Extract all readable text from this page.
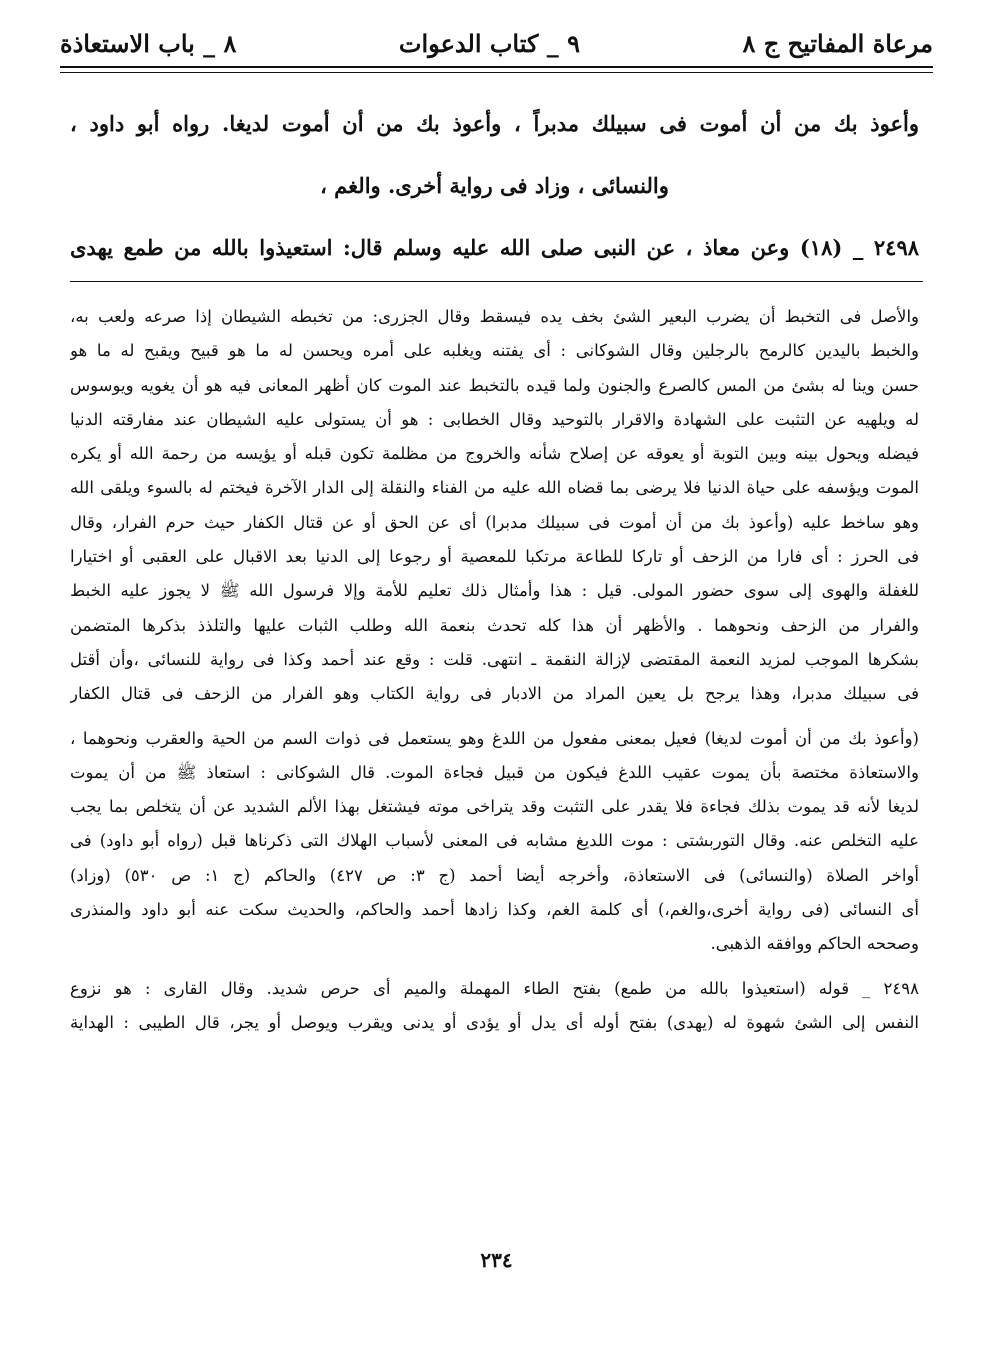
مرعاة المفاتيح ج ٨
٩ _ كتاب الدعوات
٨ _ باب الاستعاذة
وأعوذ بك من أن أموت فى سبيلك مدبراً ، وأعوذ بك من أن أموت لديغا. رواه أبو داود ،
والنسائى ، وزاد فى رواية أخرى. والغم ،
٢٤٩٨ _ (١٨) وعن معاذ ، عن النبى صلى الله عليه وسلم قال: استعيذوا بالله من طمع يهدى
والأصل فى التخبط أن يضرب البعير الشئ بخف يده فيسقط وقال الجزرى: من تخبطه الشيطان إذا صرعه ولعب به،
والخبط باليدين كالرمح بالرجلين وقال الشوكانى : أى يفتنه ويغلبه على أمره ويحسن له ما هو قبيح ويقبح له ما هو
حسن وينا له بشئ من المس كالصرع والجنون ولما قيده بالتخبط عند الموت كان أظهر المعانى فيه هو أن يغويه ويوسوس
له ويلهيه عن التثبت على الشهادة والاقرار بالتوحيد وقال الخطابى : هو أن يستولى عليه الشيطان عند مفارقته الدنيا
فيضله ويحول بينه وبين التوبة أو يعوقه عن إصلاح شأنه والخروج من مظلمة تكون قبله أو يؤيسه من رحمة الله أو يكره
الموت ويؤسفه على حياة الدنيا فلا يرضى بما قضاه الله عليه من الفناء والنقلة إلى الدار الآخرة فيختم له بالسوء ويلقى الله
وهو ساخط عليه (وأعوذ بك من أن أموت فى سبيلك مدبرا) أى عن الحق أو عن قتال الكفار حيث حرم الفرار، وقال
فى الحرز : أى فارا من الزحف أو تاركا للطاعة مرتكبا للمعصية أو رجوعا إلى الدنيا بعد الاقبال على العقبى أو اختيارا
للغفلة والهوى إلى سوى حضور المولى. قيل : هذا وأمثال ذلك تعليم للأمة وإلا فرسول الله ﷺ لا يجوز عليه الخبط
والفرار من الزحف ونحوهما . والأظهر أن هذا كله تحدث بنعمة الله وطلب الثبات عليها والتلذذ بذكرها المتضمن
بشكرها الموجب لمزيد النعمة المقتضى لإزالة النقمة ـ انتهى. قلت : وقع عند أحمد وكذا فى رواية للنسائى ،وأن أقتل
فى سبيلك مدبرا، وهذا يرجح بل يعين المراد من الادبار فى رواية الكتاب وهو الفرار من الزحف فى قتال الكفار
(وأعوذ بك من أن أموت لديغا) فعيل بمعنى مفعول من اللدغ وهو يستعمل فى ذوات السم من الحية والعقرب ونحوهما ،
والاستعاذة مختصة بأن يموت عقيب اللدغ فيكون من قبيل فجاءة الموت. قال الشوكانى : استعاذ ﷺ من أن يموت
لديغا لأنه قد يموت بذلك فجاءة فلا يقدر على التثبت وقد يتراخى موته فيشتغل بهذا الألم الشديد عن أن يتخلص بما يجب
عليه التخلص عنه. وقال التوربشتى : موت اللديغ مشابه فى المعنى لأسباب الهلاك التى ذكرناها قبل (رواه أبو داود) فى
أواخر الصلاة (والنسائى) فى الاستعاذة، وأخرجه أيضا أحمد (ج ٣: ص ٤٢٧) والحاكم (ج ١: ص ٥٣٠) (وزاد)
أى النسائى (فى رواية أخرى،والغم،) أى كلمة الغم، وكذا زادها أحمد والحاكم، والحديث سكت عنه أبو داود والمنذرى
وصححه الحاكم ووافقه الذهبى.
٢٤٩٨ _ قوله (استعيذوا بالله من طمع) بفتح الطاء المهملة والميم أى حرص شديد. وقال القارى : هو نزوع
النفس إلى الشئ شهوة له (يهدى) بفتح أوله أى يدل أو يؤدى أو يدنى ويقرب ويوصل أو يجر، قال الطيبى : الهداية
٢٣٤
